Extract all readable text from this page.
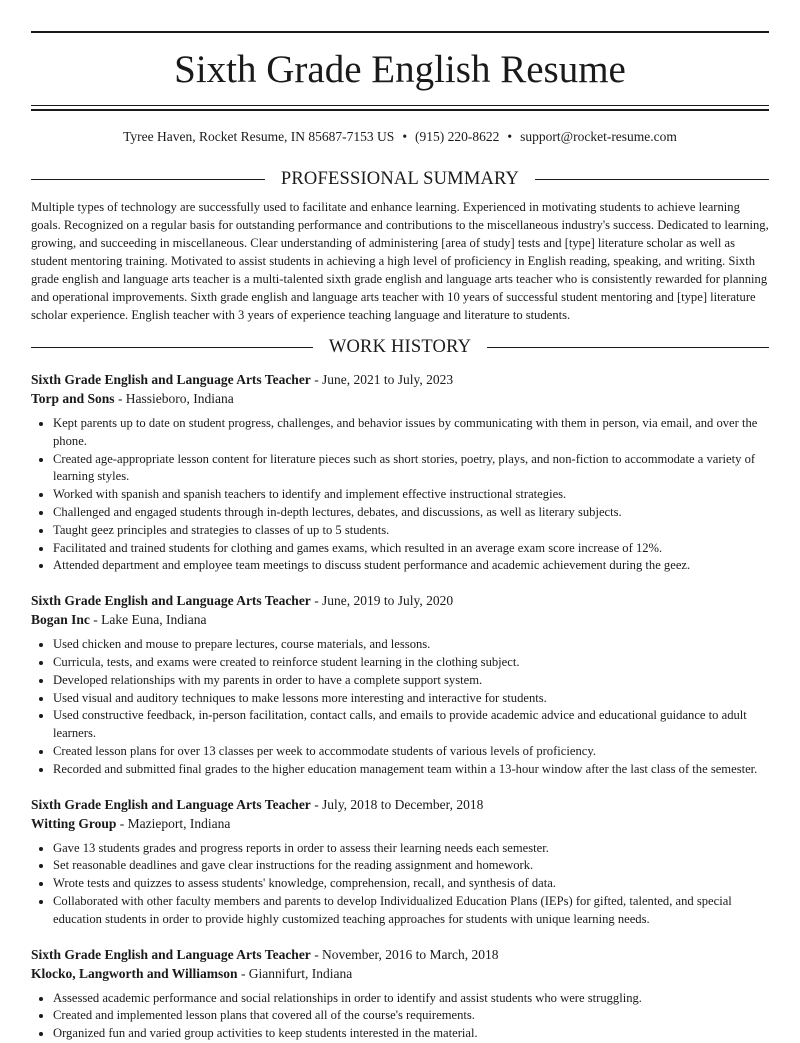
Sixth Grade English Resume
Tyree Haven, Rocket Resume, IN 85687-7153 US • (915) 220-8622 • support@rocket-resume.com
PROFESSIONAL SUMMARY

Multiple types of technology are successfully used to facilitate and enhance learning. Experienced in motivating students to achieve learning goals. Recognized on a regular basis for outstanding performance and contributions to the miscellaneous industry's success. Dedicated to learning, growing, and succeeding in miscellaneous. Clear understanding of administering [area of study] tests and [type] literature scholar as well as student mentoring training. Motivated to assist students in achieving a high level of proficiency in English reading, speaking, and writing. Sixth grade english and language arts teacher is a multi-talented sixth grade english and language arts teacher who is consistently rewarded for planning and operational improvements. Sixth grade english and language arts teacher with 10 years of successful student mentoring and [type] literature scholar experience. English teacher with 3 years of experience teaching language and literature to students.

WORK HISTORY
Sixth Grade English and Language Arts Teacher - June, 2021 to July, 2023
Torp and Sons - Hassieboro, Indiana
• Kept parents up to date on student progress, challenges, and behavior issues by communicating with them in person, via email, and over the phone.
• Created age-appropriate lesson content for literature pieces such as short stories, poetry, plays, and non-fiction to accommodate a variety of learning styles.
• Worked with spanish and spanish teachers to identify and implement effective instructional strategies.
• Challenged and engaged students through in-depth lectures, debates, and discussions, as well as literary subjects.
• Taught geez principles and strategies to classes of up to 5 students.
• Facilitated and trained students for clothing and games exams, which resulted in an average exam score increase of 12%.
• Attended department and employee team meetings to discuss student performance and academic achievement during the geez.
Sixth Grade English and Language Arts Teacher - June, 2019 to July, 2020
Bogan Inc - Lake Euna, Indiana
• Used chicken and mouse to prepare lectures, course materials, and lessons.
• Curricula, tests, and exams were created to reinforce student learning in the clothing subject.
• Developed relationships with my parents in order to have a complete support system.
• Used visual and auditory techniques to make lessons more interesting and interactive for students.
• Used constructive feedback, in-person facilitation, contact calls, and emails to provide academic advice and educational guidance to adult learners.
• Created lesson plans for over 13 classes per week to accommodate students of various levels of proficiency.
• Recorded and submitted final grades to the higher education management team within a 13-hour window after the last class of the semester.
Sixth Grade English and Language Arts Teacher - July, 2018 to December, 2018
Witting Group - Mazieport, Indiana
• Gave 13 students grades and progress reports in order to assess their learning needs each semester.
• Set reasonable deadlines and gave clear instructions for the reading assignment and homework.
• Wrote tests and quizzes to assess students' knowledge, comprehension, recall, and synthesis of data.
• Collaborated with other faculty members and parents to develop Individualized Education Plans (IEPs) for gifted, talented, and special education students in order to provide highly customized teaching approaches for students with unique learning needs.
Sixth Grade English and Language Arts Teacher - November, 2016 to March, 2018
Klocko, Langworth and Williamson - Giannifurt, Indiana
• Assessed academic performance and social relationships in order to identify and assist students who were struggling.
• Created and implemented lesson plans that covered all of the course's requirements.
• Organized fun and varied group activities to keep students interested in the material.
